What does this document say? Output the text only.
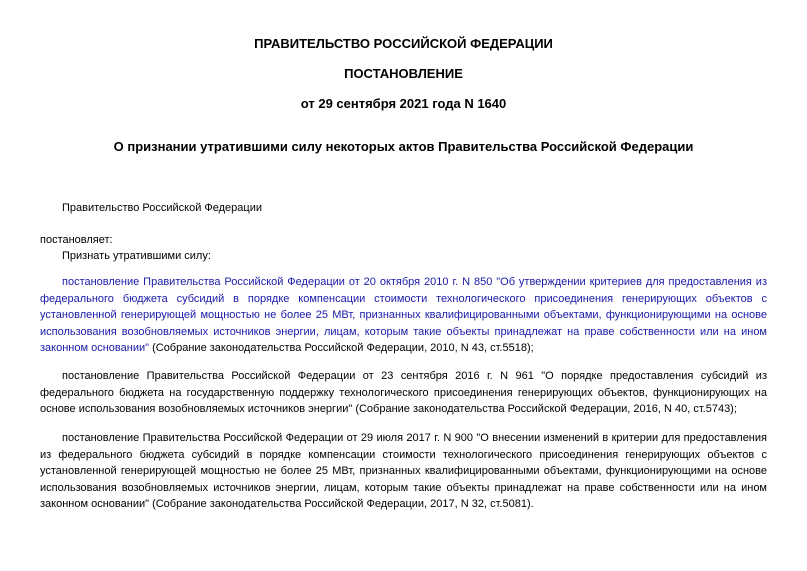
ПРАВИТЕЛЬСТВО РОССИЙСКОЙ ФЕДЕРАЦИИ
ПОСТАНОВЛЕНИЕ
от 29 сентября 2021 года N 1640
О признании утратившими силу некоторых актов Правительства Российской Федерации
Правительство Российской Федерации
постановляет:
Признать утратившими силу:

постановление Правительства Российской Федерации от 20 октября 2010 г. N 850 "Об утверждении критериев для предоставления из федерального бюджета субсидий в порядке компенсации стоимости технологического присоединения генерирующих объектов с установленной генерирующей мощностью не более 25 МВт, признанных квалифицированными объектами, функционирующими на основе использования возобновляемых источников энергии, лицам, которым такие объекты принадлежат на праве собственности или на ином законном основании" (Собрание законодательства Российской Федерации, 2010, N 43, ст.5518);

постановление Правительства Российской Федерации от 23 сентября 2016 г. N 961 "О порядке предоставления субсидий из федерального бюджета на государственную поддержку технологического присоединения генерирующих объектов, функционирующих на основе использования возобновляемых источников энергии" (Собрание законодательства Российской Федерации, 2016, N 40, ст.5743);

постановление Правительства Российской Федерации от 29 июля 2017 г. N 900 "О внесении изменений в критерии для предоставления из федерального бюджета субсидий в порядке компенсации стоимости технологического присоединения генерирующих объектов с установленной генерирующей мощностью не более 25 МВт, признанных квалифицированными объектами, функционирующими на основе использования возобновляемых источников энергии, лицам, которым такие объекты принадлежат на праве собственности или на ином законном основании" (Собрание законодательства Российской Федерации, 2017, N 32, ст.5081).
